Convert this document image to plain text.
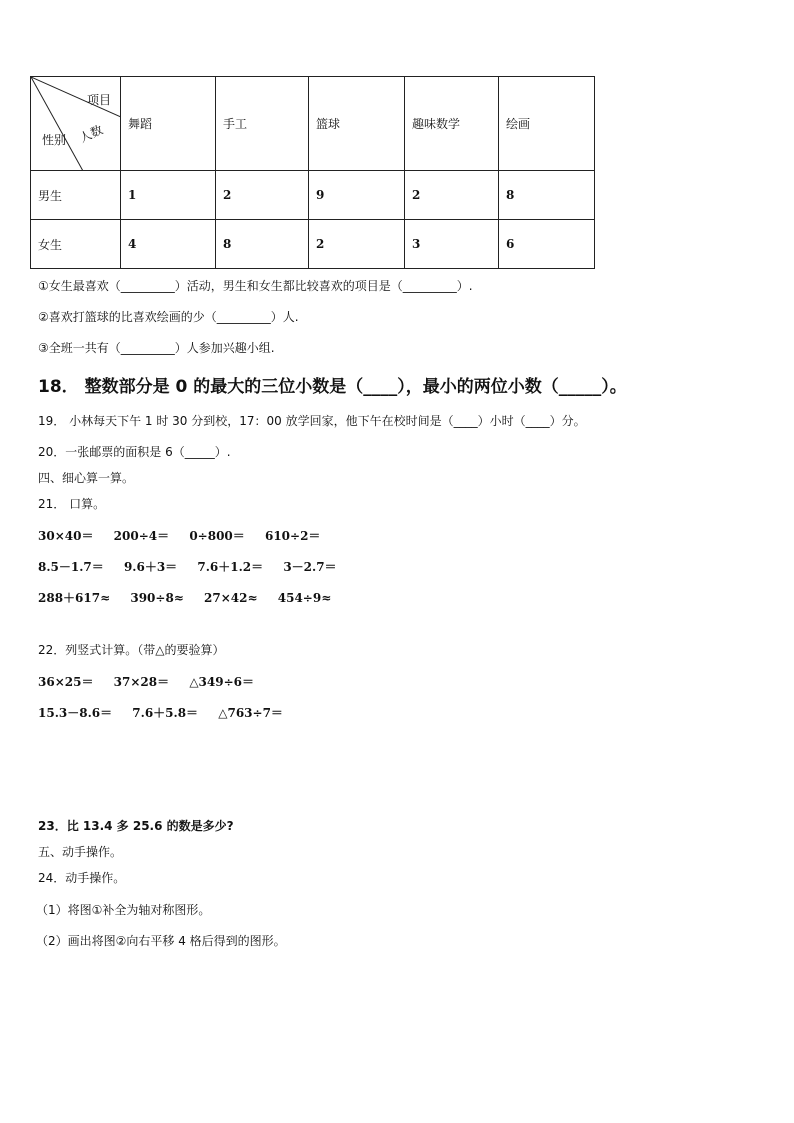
项目
人数
性别	舞蹈	手工	篮球	趣味数学	绘画
男生	1	2	9	2	8
女生	4	8	2	3	6
①女生最喜欢（_________）活动，男生和女生都比较喜欢的项目是（_________）.
②喜欢打篮球的比喜欢绘画的少（_________）人.
③全班一共有（_________）人参加兴趣小组.
18． 整数部分是 0 的最大的三位小数是（____），最小的两位小数（_____）。
19． 小林每天下午 1 时 30 分到校，17：00 放学回家，他下午在校时间是（____）小时（____）分。
20．一张邮票的面积是 6（_____）.
四、细心算一算。
21． 口算。
30×40＝ 200÷4＝ 0÷800＝ 610÷2＝
8.5－1.7＝ 9.6＋3＝ 7.6＋1.2＝ 3－2.7＝
288＋617≈ 390÷8≈ 27×42≈ 454÷9≈
22．列竖式计算。（带△的要验算）
36×25＝ 37×28＝ △349÷6＝
15.3－8.6＝ 7.6＋5.8＝ △763÷7＝
23．比 13.4 多 25.6 的数是多少?
五、动手操作。
24．动手操作。
（1）将图①补全为轴对称图形。
（2）画出将图②向右平移 4 格后得到的图形。
